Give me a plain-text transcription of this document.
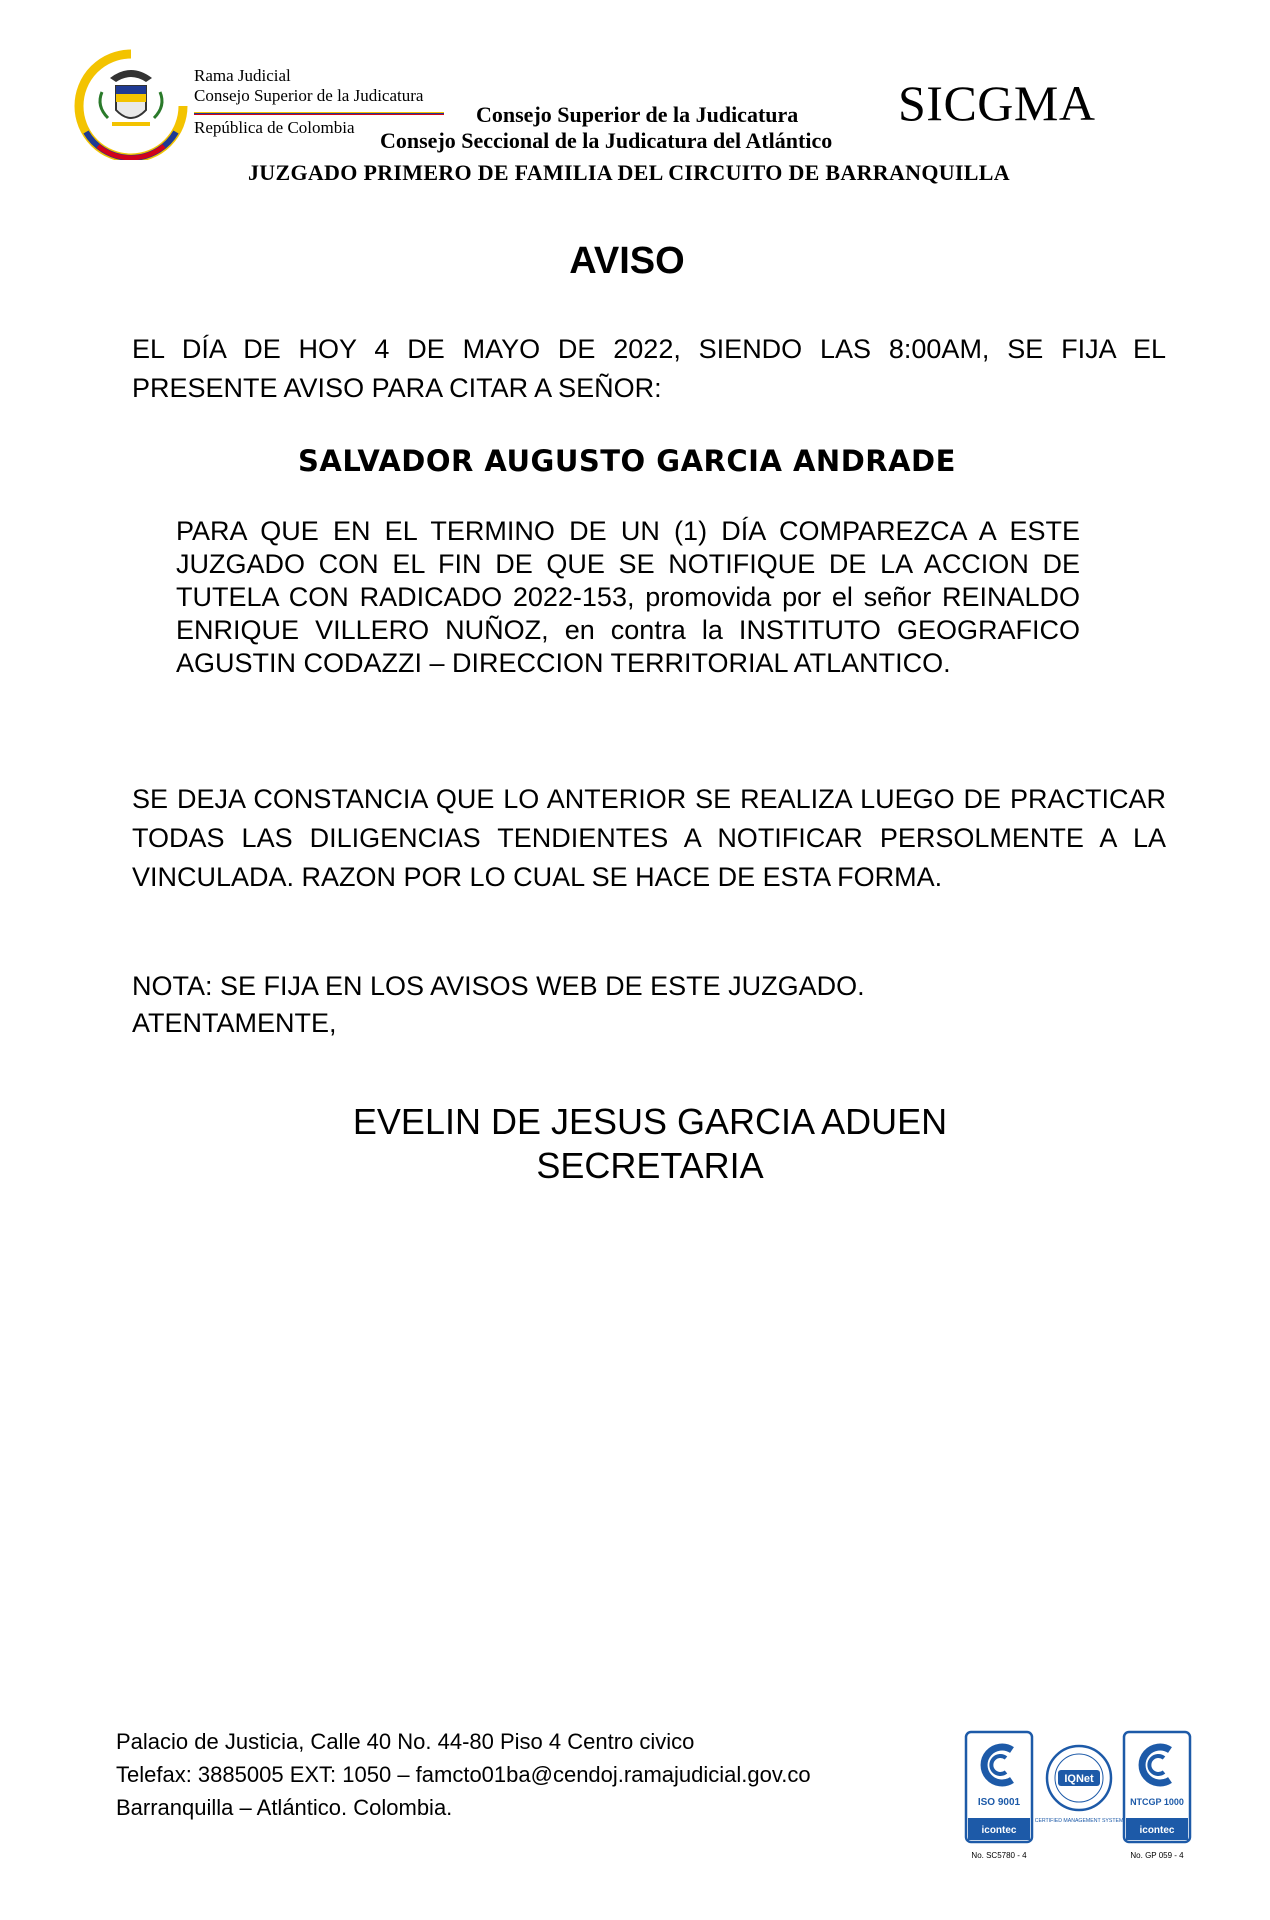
Rama Judicial
Consejo Superior de la Judicatura
República de Colombia
Consejo Superior de la Judicatura
Consejo Seccional de la Judicatura del Atlántico
SICGMA
JUZGADO PRIMERO DE FAMILIA DEL CIRCUITO DE BARRANQUILLA
AVISO
EL DÍA DE HOY 4 DE MAYO DE 2022, SIENDO LAS 8:00AM, SE FIJA EL PRESENTE AVISO PARA CITAR A SEÑOR:
SALVADOR AUGUSTO GARCIA ANDRADE
PARA QUE EN EL TERMINO DE UN (1) DÍA COMPAREZCA A ESTE JUZGADO CON EL FIN DE QUE SE NOTIFIQUE DE LA ACCION DE TUTELA CON RADICADO 2022-153, promovida por el señor REINALDO ENRIQUE VILLERO NUÑOZ, en contra la INSTITUTO GEOGRAFICO AGUSTIN CODAZZI – DIRECCION TERRITORIAL ATLANTICO.
SE DEJA CONSTANCIA QUE LO ANTERIOR SE REALIZA LUEGO DE PRACTICAR TODAS LAS DILIGENCIAS TENDIENTES A NOTIFICAR PERSOLMENTE A LA VINCULADA. RAZON POR LO CUAL SE HACE DE ESTA FORMA.
NOTA: SE FIJA EN LOS AVISOS WEB DE ESTE JUZGADO.
ATENTAMENTE,
EVELIN DE JESUS GARCIA ADUEN
SECRETARIA
Palacio de Justicia, Calle 40 No. 44-80 Piso 4 Centro civico
Telefax: 3885005 EXT: 1050 – famcto01ba@cendoj.ramajudicial.gov.co
Barranquilla – Atlántico. Colombia.	ISO 9001
icontec
No. SC5780 - 4
IQNet
CERTIFIED MANAGEMENT SYSTEM
NTCGP 1000
icontec
No. GP 059 - 4
